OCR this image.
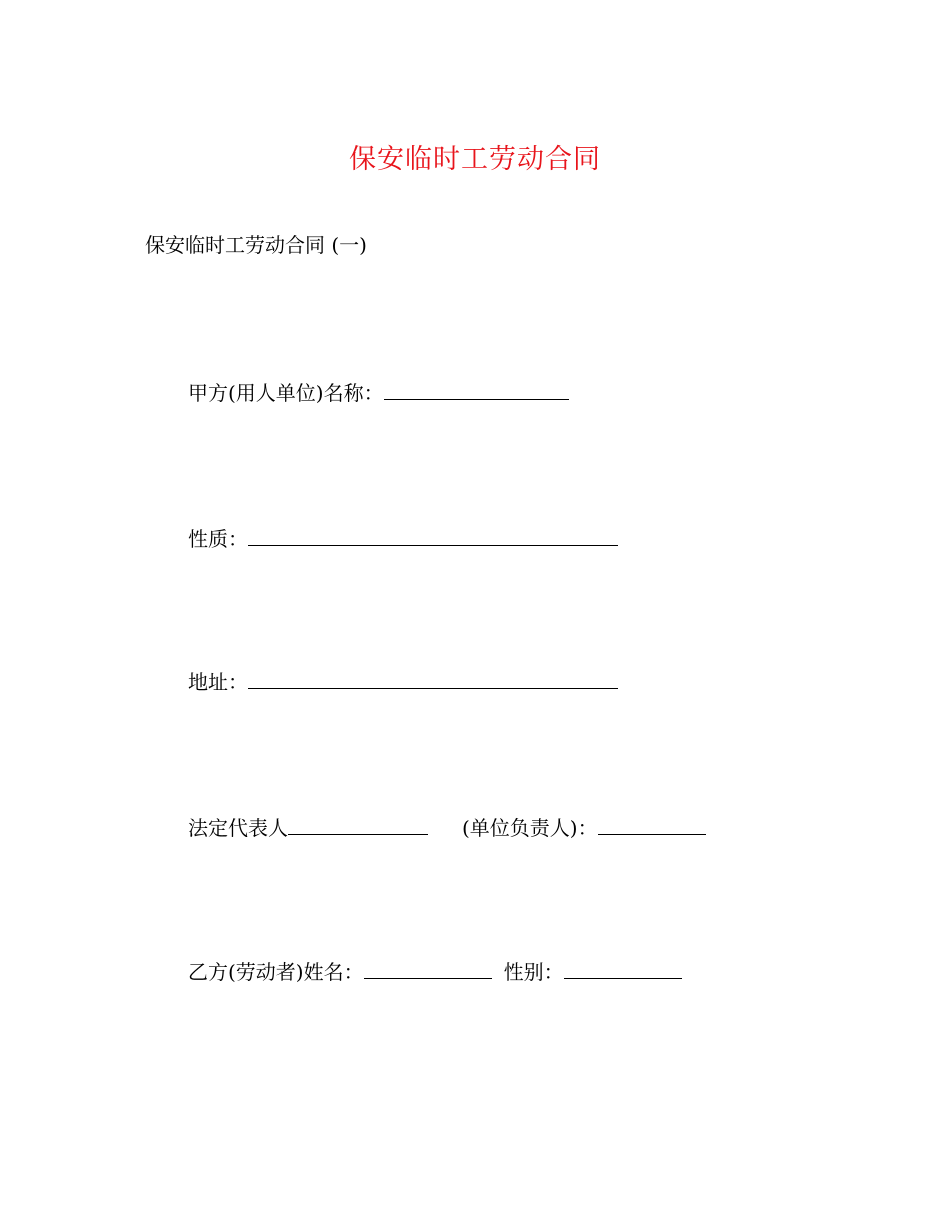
保安临时工劳动合同
保安临时工劳动合同 (一)
甲方(用人单位)名称：
性质：
地址：
法定代表人	(单位负责人)：
乙方(劳动者)姓名：	性别：
